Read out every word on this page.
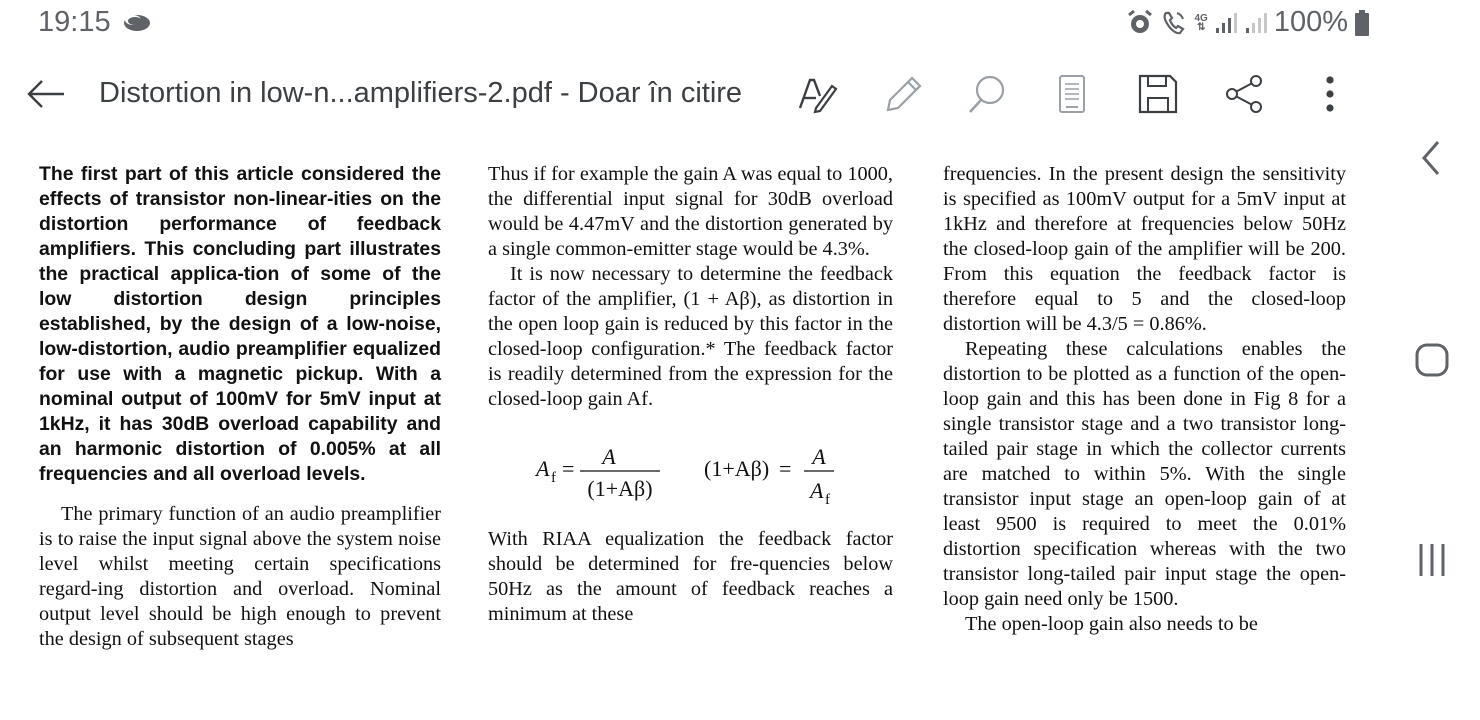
19:15	4G
⇅ 100%
Distortion in low-n...amplifiers-2.pdf - Doar în citire

The first part of this article considered the effects of transistor non-linear-ities on the distortion performance of feedback amplifiers. This concluding part illustrates the practical applica-tion of some of the low distortion design principles established, by the design of a low-noise, low-distortion, audio preamplifier equalized for use with a magnetic pickup. With a nominal output of 100mV for 5mV input at 1kHz, it has 30dB overload capability and an harmonic distortion of 0.005% at all frequencies and all overload levels.

The primary function of an audio preamplifier is to raise the input signal above the system noise level whilst meeting certain specifications regard-ing distortion and overload. Nominal output level should be high enough to prevent the design of subsequent stages

Thus if for example the gain A was equal to 1000, the differential input signal for 30dB overload would be 4.47mV and the distortion generated by a single common-emitter stage would be 4.3%.

It is now necessary to determine the feedback factor of the amplifier, (1 + Aβ), as distortion in the open loop gain is reduced by this factor in the closed-loop configuration.* The feedback factor is readily determined from the expression for the closed-loop gain Af.

A f = A
(1+Aβ)
(1+Aβ) = A
A f

With RIAA equalization the feedback factor should be determined for fre-quencies below 50Hz as the amount of feedback reaches a minimum at these

frequencies. In the present design the sensitivity is specified as 100mV output for a 5mV input at 1kHz and therefore at frequencies below 50Hz the closed-loop gain of the amplifier will be 200. From this equation the feedback factor is therefore equal to 5 and the closed-loop distortion will be 4.3/5 = 0.86%.

Repeating these calculations enables the distortion to be plotted as a function of the open-loop gain and this has been done in Fig 8 for a single transistor stage and a two transistor long-tailed pair stage in which the collector currents are matched to within 5%. With the single transistor input stage an open-loop gain of at least 9500 is required to meet the 0.01% distortion specification whereas with the two transistor long-tailed pair input stage the open-loop gain need only be 1500.

The open-loop gain also needs to be
